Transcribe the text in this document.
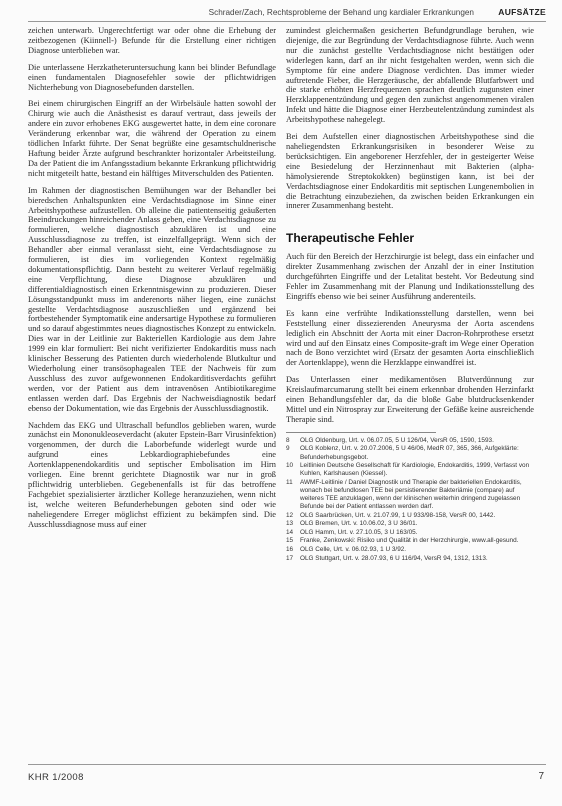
Schrader/Zach, Rechtsprobleme der Behand ung kardialer Erkrankungen	AUFSÄTZE

zeichen unterwarb. Ungerechtfertigt war oder ohne die Erhebung der zeitbezogenen (Kiinnell-) Befunde für die Erstellung einer richtigen Diagnose unterblieben war.

Die unterlassene Herzkatheteruntersuchung kann bei blinder Befundlage einen fundamentalen Diagnosefehler sowie der pflichtwidrigen Nichterhebung von Diagnosebefunden darstellen.

Bei einem chirurgischen Eingriff an der Wirbelsäule hatten sowohl der Chirurg wie auch die Anästhesist es darauf vertraut, dass jeweils der andere ein zuvor erhobenes EKG ausgewertet hatte, in dem eine coronare Veränderung erkennbar war, die während der Operation zu einem tödlichen Infarkt führte. Der Senat begrüßte eine gesamtschuldnerische Haftung beider Ärzte aufgrund beschrankter horizontaler Arbeitsteilung. Da der Patient die im Anfangsstadium bekannte Erkrankung pflichtwidrig nicht mitgeteilt hatte, bestand ein hälftiges Mitverschulden des Patienten.

Im Rahmen der diagnostischen Bemühungen war der Behandler bei bieredschen Anhaltspunkten eine Verdachtsdiagnose im Sinne einer Arbeitshypothese aufzustellen. Ob alleine die patientenseitig geäußerten Beeindruckungen hinreichender Anlass geben, eine Verdachtsdiagnose zu formulieren, welche diagnostisch abzuklären ist und eine Ausschlussdiagnose zu treffen, ist einzelfallgeprägt. Wenn sich der Behandler aber einmal veranlasst sieht, eine Verdachtsdiagnose zu formulieren, ist dies im vorliegenden Kontext regelmäßig dokumentationspflichtig. Dann besteht zu weiterer Verlauf regelmäßig eine Verpflichtung, diese Diagnose abzuklären und differentialdiagnostisch einen Erkenntnisgewinn zu produzieren. Dieser Lösungsstandpunkt muss im anderenorts näher liegen, eine zunächst gestellte Verdachtsdiagnose auszuschließen und ergänzend bei fortbestehender Symptomatik eine andersartige Hypothese zu formulieren und so darauf abgestimmtes neues diagnostisches Konzept zu entwickeln. Dies war in der Leitlinie zur Bakteriellen Kardiologie aus dem Jahre 1999 ein klar formuliert: Bei nicht verifizierter Endokarditis muss nach klinischer Besserung des Patienten durch wiederholende Blutkultur und Wiederholung einer transösophagealen TEE der Nachweis für zum Ausschluss des zuvor aufgewonnenen Endokarditisverdachts geführt werden, vor der Patient aus dem intravenösen Antibiotikaregime entlassen werden darf. Das Ergebnis der Nachweisdiagnostik bedarf ebenso der Dokumentation, wie das Ergebnis der Ausschlussdiagnostik.

Nachdem das EKG und Ultraschall befundlos geblieben waren, wurde zunächst ein Mononukleoseverdacht (akuter Epstein-Barr Virusinfektion) vorgenommen, der durch die Laborbefunde widerlegt wurde und aufgrund eines Lebkardiographiebefundes eine Aortenklappenendokarditis und septischer Embolisation im Hirn vorliegen. Eine brennt gerichtete Diagnostik war nur in groß pflichtwidrig unterblieben. Gegebenenfalls ist für das betroffene Fachgebiet spezialisierter ärztlicher Kollege heranzuziehen, wenn nicht ist, welche weiteren Befunderhebungen geboten sind oder wie naheliegendere Erreger möglichst effizient zu bekämpfen sind. Die Ausschlussdiagnose muss auf einer

zumindest gleichermaßen gesicherten Befundgrundlage beruhen, wie diejenige, die zur Begründung der Verdachtsdiagnose führte. Auch wenn nur die zunächst gestellte Verdachtsdiagnose nicht bestätigen oder widerlegen kann, darf an ihr nicht festgehalten werden, wenn sich die Symptome für eine andere Diagnose verdichten. Das immer wieder auftretende Fieber, die Herzgeräusche, der abfallende Blutfarbwert und die starke erhöhten Herzfrequenzen sprachen deutlich zugunsten einer Herzklappenentzündung und gegen den zunächst angenommenen viralen Infekt und hätte die Diagnose einer Herzbeutelentzündung zumindest als Arbeitshypothese nahegelegt.

Bei dem Aufstellen einer diagnostischen Arbeitshypothese sind die naheliegendsten Erkrankungsrisiken in besonderer Weise zu berücksichtigen. Ein angeborener Herzfehler, der in gesteigerter Weise eine Besiedelung der Herzinnenhaut mit Bakterien (alpha-hämolysierende Streptokokken) begünstigen kann, ist bei der Verdachtsdiagnose einer Endokarditis mit septischen Lungenembolien in die Betrachtung einzubeziehen, da zwischen beiden Erkrankungen ein innerer Zusammenhang besteht.

Therapeutische Fehler

Auch für den Bereich der Herzchirurgie ist belegt, dass ein einfacher und direkter Zusammenhang zwischen der Anzahl der in einer Institution durchgeführten Eingriffe und der Letalitat besteht. Vor Bedeutung sind Fehler im Zusammenhang mit der Planung und Indikationsstellung des Eingriffs ebenso wie bei seiner Ausführung anderenteils.

Es kann eine verfrühte Indikationsstellung darstellen, wenn bei Feststellung einer dissezierenden Aneurysma der Aorta ascendens lediglich ein Abschnitt der Aorta mit einer Dacron-Rohrprothese ersetzt wird und auf den Einsatz eines Composite-graft im Wege einer Operation nach de Bono verzichtet wird (Ersatz der gesamten Aorta einschließlich der Aortenklappe), wenn die Herzklappe einwandfrei ist.

Das Unterlassen einer medikamentösen Blutverdünnung zur Kreislaufmarcumarung stellt bei einem erkennbar drohenden Herzinfarkt einen Behandlungsfehler dar, da die bloße Gabe blutdrucksenkender Mittel und ein Nitrospray zur Erweiterung der Gefäße keine ausreichende Therapie sind.

8	OLG Oldenburg, Urt. v. 06.07.05, 5 U 126/04, VersR 05, 1590, 1593.
9	OLG Koblenz, Urt. v. 20.07.2006, 5 U 46/06, MedR 07, 365, 366, Aufgeklärte: Befunderhebungsgebot.
10	Leitlinien Deutsche Gesellschaft für Kardiologie, Endokarditis, 1999, Verfasst von Kuhlen, Karlshausen (Kiessel).
11	AWMF-Leitlinie / Daniel Diagnostik und Therapie der bakteriellen Endokarditis, wonach bei befundlosen TEE bei persistierender Bakteriämie (compare) auf weiteres TEE anzuklagen, wenn der klinischen weiterhin dringend zugelassen Befunde bei der Patient entlassen werden darf.
12	OLG Saarbrücken, Urt. v. 21.07.99, 1 U 933/98-158, VersR 00, 1442.
13	OLG Bremen, Urt. v. 10.06.02, 3 U 36/01.
14	OLG Hamm, Urt. v. 27.10.05, 3 U 163/05.
15	Franke, Zenkowski: Risiko und Qualität in der Herzchirurgie, www.all-gesund.
16	OLG Celle, Urt. v. 06.02.93, 1 U 3/92.
17	OLG Stuttgart, Urt. v. 28.07.93, 6 U 116/94, VersR 94, 1312, 1313.
KHR 1/2008	7
